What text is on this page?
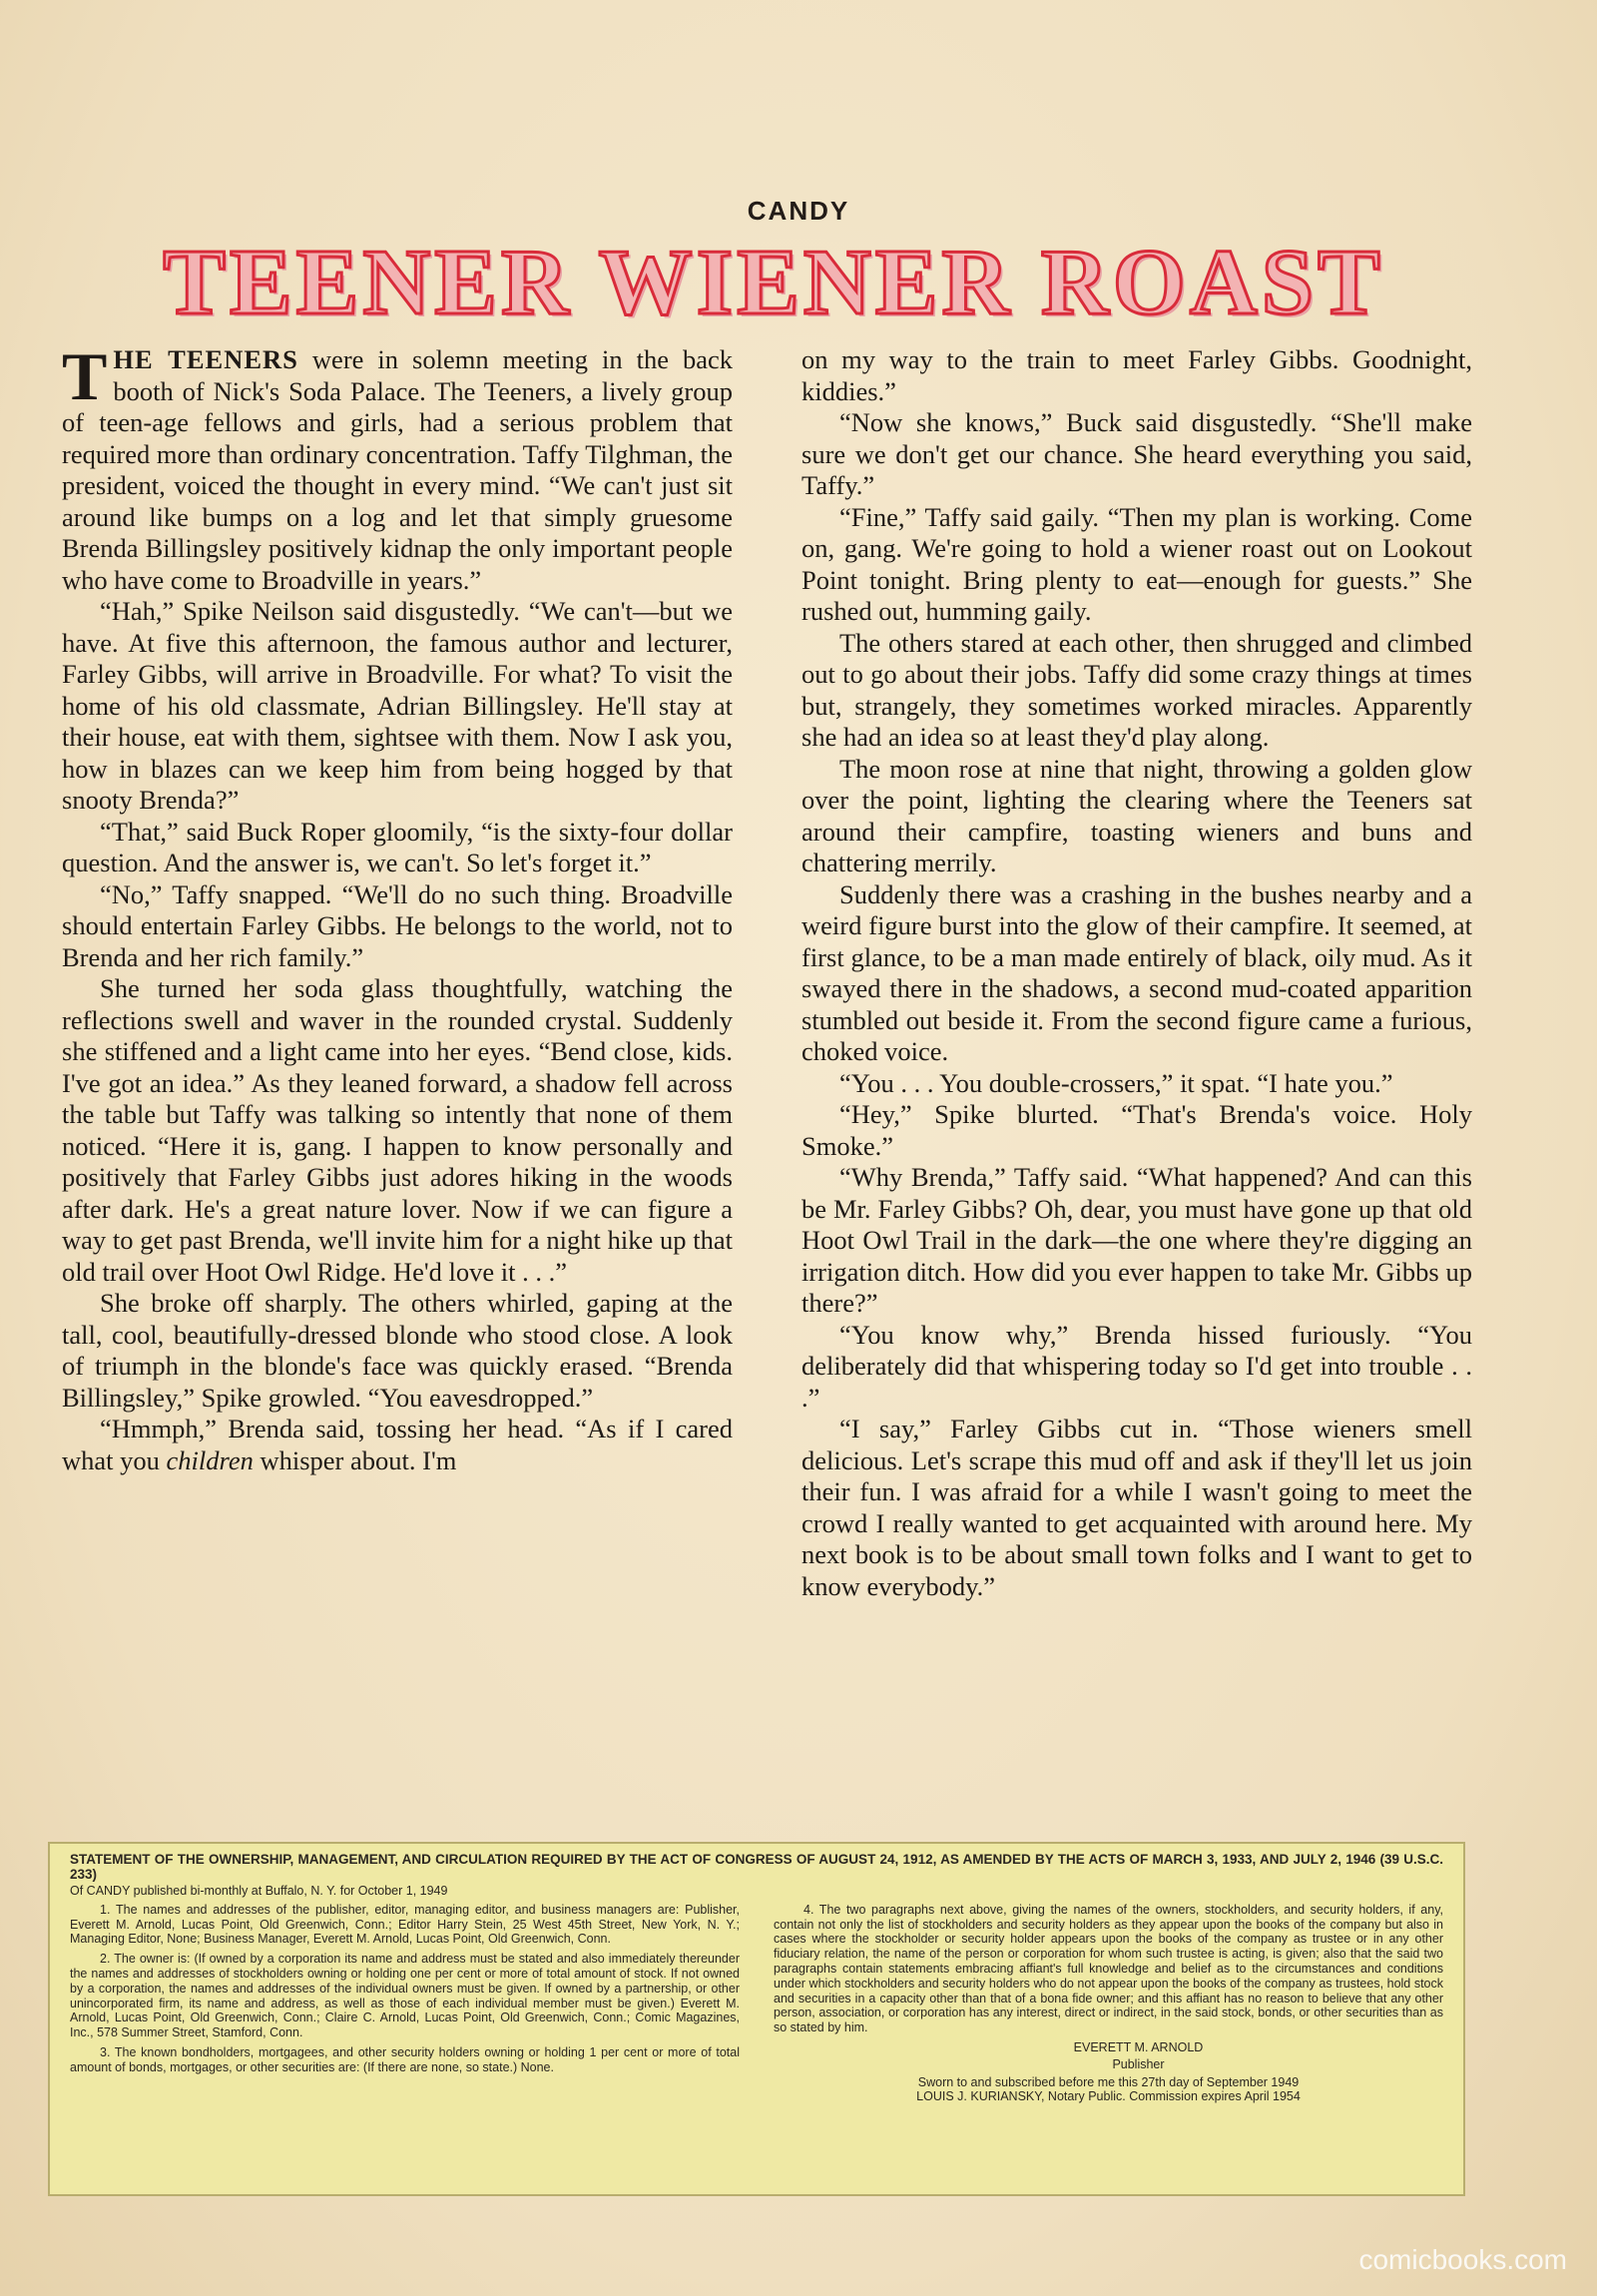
CANDY
TEENER WIENER ROAST

THE TEENERS were in solemn meeting in the back booth of Nick's Soda Palace. The Teeners, a lively group of teen-age fellows and girls, had a serious problem that required more than ordinary concentration. Taffy Tilghman, the president, voiced the thought in every mind. “We can't just sit around like bumps on a log and let that simply gruesome Brenda Billingsley positively kidnap the only important people who have come to Broadville in years.”

“Hah,” Spike Neilson said disgustedly. “We can't—but we have. At five this afternoon, the famous author and lecturer, Farley Gibbs, will arrive in Broadville. For what? To visit the home of his old classmate, Adrian Billingsley. He'll stay at their house, eat with them, sightsee with them. Now I ask you, how in blazes can we keep him from being hogged by that snooty Brenda?”

“That,” said Buck Roper gloomily, “is the sixty-four dollar question. And the answer is, we can't. So let's forget it.”

“No,” Taffy snapped. “We'll do no such thing. Broadville should entertain Farley Gibbs. He belongs to the world, not to Brenda and her rich family.”

She turned her soda glass thoughtfully, watching the reflections swell and waver in the rounded crystal. Suddenly she stiffened and a light came into her eyes. “Bend close, kids. I've got an idea.” As they leaned forward, a shadow fell across the table but Taffy was talking so intently that none of them noticed. “Here it is, gang. I happen to know personally and positively that Farley Gibbs just adores hiking in the woods after dark. He's a great nature lover. Now if we can figure a way to get past Brenda, we'll invite him for a night hike up that old trail over Hoot Owl Ridge. He'd love it . . .”

She broke off sharply. The others whirled, gaping at the tall, cool, beautifully-dressed blonde who stood close. A look of triumph in the blonde's face was quickly erased. “Brenda Billingsley,” Spike growled. “You eavesdropped.”

“Hmmph,” Brenda said, tossing her head. “As if I cared what you children whisper about. I'm

on my way to the train to meet Farley Gibbs. Goodnight, kiddies.”

“Now she knows,” Buck said disgustedly. “She'll make sure we don't get our chance. She heard everything you said, Taffy.”

“Fine,” Taffy said gaily. “Then my plan is working. Come on, gang. We're going to hold a wiener roast out on Lookout Point tonight. Bring plenty to eat—enough for guests.” She rushed out, humming gaily.

The others stared at each other, then shrugged and climbed out to go about their jobs. Taffy did some crazy things at times but, strangely, they sometimes worked miracles. Apparently she had an idea so at least they'd play along.

The moon rose at nine that night, throwing a golden glow over the point, lighting the clearing where the Teeners sat around their campfire, toasting wieners and buns and chattering merrily.

Suddenly there was a crashing in the bushes nearby and a weird figure burst into the glow of their campfire. It seemed, at first glance, to be a man made entirely of black, oily mud. As it swayed there in the shadows, a second mud-coated apparition stumbled out beside it. From the second figure came a furious, choked voice.

“You . . . You double-crossers,” it spat. “I hate you.”

“Hey,” Spike blurted. “That's Brenda's voice. Holy Smoke.”

“Why Brenda,” Taffy said. “What happened? And can this be Mr. Farley Gibbs? Oh, dear, you must have gone up that old Hoot Owl Trail in the dark—the one where they're digging an irrigation ditch. How did you ever happen to take Mr. Gibbs up there?”

“You know why,” Brenda hissed furiously. “You deliberately did that whispering today so I'd get into trouble . . .”

“I say,” Farley Gibbs cut in. “Those wieners smell delicious. Let's scrape this mud off and ask if they'll let us join their fun. I was afraid for a while I wasn't going to meet the crowd I really wanted to get acquainted with around here. My next book is to be about small town folks and I want to get to know everybody.”

STATEMENT OF THE OWNERSHIP, MANAGEMENT, AND CIRCULATION REQUIRED BY THE ACT OF CONGRESS OF AUGUST 24, 1912, AS AMENDED BY THE ACTS OF MARCH 3, 1933, AND JULY 2, 1946 (39 U.S.C. 233)
Of CANDY published bi-monthly at Buffalo, N. Y. for October 1, 1949

1. The names and addresses of the publisher, editor, managing editor, and business managers are: Publisher, Everett M. Arnold, Lucas Point, Old Greenwich, Conn.; Editor Harry Stein, 25 West 45th Street, New York, N. Y.; Managing Editor, None; Business Manager, Everett M. Arnold, Lucas Point, Old Greenwich, Conn.

2. The owner is: (If owned by a corporation its name and address must be stated and also immediately thereunder the names and addresses of stockholders owning or holding one per cent or more of total amount of stock. If not owned by a corporation, the names and addresses of the individual owners must be given. If owned by a partnership, or other unincorporated firm, its name and address, as well as those of each individual member must be given.) Everett M. Arnold, Lucas Point, Old Greenwich, Conn.; Claire C. Arnold, Lucas Point, Old Greenwich, Conn.; Comic Magazines, Inc., 578 Summer Street, Stamford, Conn.

3. The known bondholders, mortgagees, and other security holders owning or holding 1 per cent or more of total amount of bonds, mortgages, or other securities are: (If there are none, so state.) None.

4. The two paragraphs next above, giving the names of the owners, stockholders, and security holders, if any, contain not only the list of stockholders and security holders as they appear upon the books of the company but also in cases where the stockholder or security holder appears upon the books of the company as trustee or in any other fiduciary relation, the name of the person or corporation for whom such trustee is acting, is given; also that the said two paragraphs contain statements embracing affiant's full knowledge and belief as to the circumstances and conditions under which stockholders and security holders who do not appear upon the books of the company as trustees, hold stock and securities in a capacity other than that of a bona fide owner; and this affiant has no reason to believe that any other person, association, or corporation has any interest, direct or indirect, in the said stock, bonds, or other securities than as so stated by him.

EVERETT M. ARNOLD
Publisher
Sworn to and subscribed before me this 27th day of September 1949
LOUIS J. KURIANSKY, Notary Public. Commission expires April 1954
comicbooks.com
